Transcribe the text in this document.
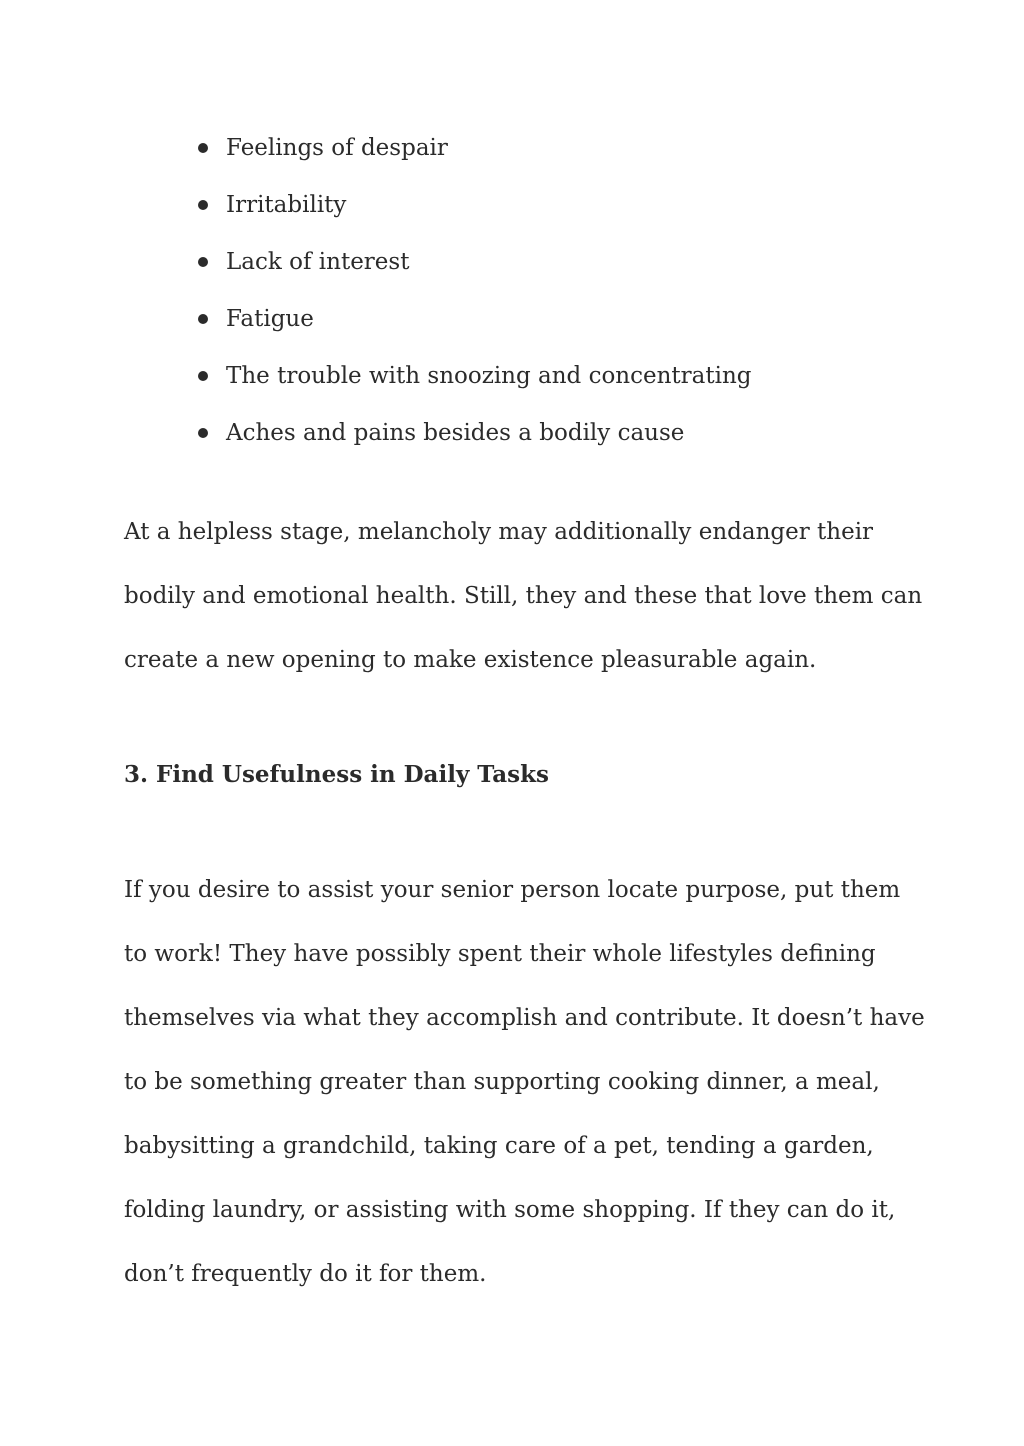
Feelings of despair
Irritability
Lack of interest
Fatigue
The trouble with snoozing and concentrating
Aches and pains besides a bodily cause

At a helpless stage, melancholy may additionally endanger their
bodily and emotional health. Still, they and these that love them can
create a new opening to make existence pleasurable again.

3. Find Usefulness in Daily Tasks

If you desire to assist your senior person locate purpose, put them
to work! They have possibly spent their whole lifestyles defining
themselves via what they accomplish and contribute. It doesn’t have
to be something greater than supporting cooking dinner, a meal,
babysitting a grandchild, taking care of a pet, tending a garden,
folding laundry, or assisting with some shopping. If they can do it,
don’t frequently do it for them.
